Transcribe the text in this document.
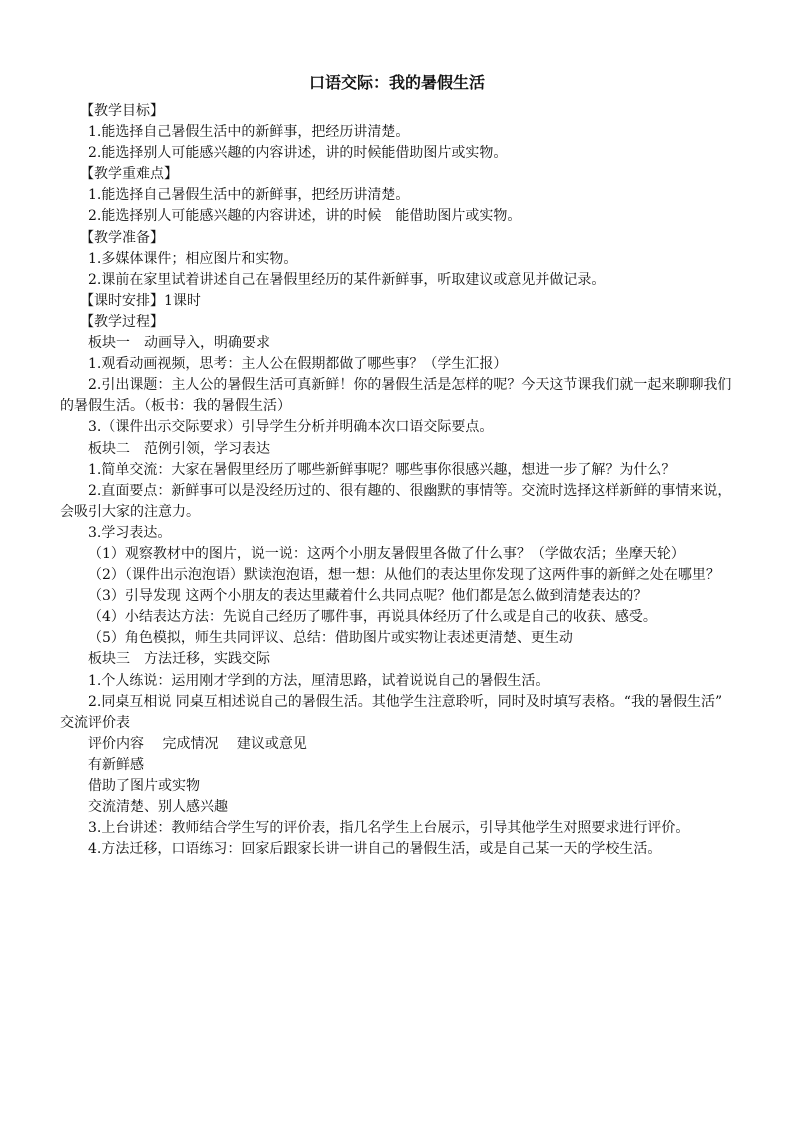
口语交际：我的暑假生活

【教学目标】

1.能选择自己暑假生活中的新鲜事，把经历讲清楚。

2.能选择别人可能感兴趣的内容讲述，讲的时候能借助图片或实物。

【教学重难点】

1.能选择自己暑假生活中的新鲜事，把经历讲清楚。

2.能选择别人可能感兴趣的内容讲述，讲的时候　能借助图片或实物。

【教学准备】

1.多媒体课件；相应图片和实物。

2.课前在家里试着讲述自己在暑假里经历的某件新鲜事，听取建议或意见并做记录。

【课时安排】1课时

【教学过程】

板块一　动画导入，明确要求

1.观看动画视频，思考：主人公在假期都做了哪些事？（学生汇报）

2.引出课题：主人公的暑假生活可真新鲜！你的暑假生活是怎样的呢？今天这节课我们就一起来聊聊我们的暑假生活。（板书：我的暑假生活）

3.（课件出示交际要求）引导学生分析并明确本次口语交际要点。

板块二　范例引领，学习表达

1.简单交流：大家在暑假里经历了哪些新鲜事呢？哪些事你很感兴趣，想进一步了解？为什么？

2.直面要点：新鲜事可以是没经历过的、很有趣的、很幽默的事情等。交流时选择这样新鲜的事情来说，会吸引大家的注意力。

3.学习表达。

（1）观察教材中的图片，说一说：这两个小朋友暑假里各做了什么事？（学做农活；坐摩天轮）

（2）（课件出示泡泡语）默读泡泡语，想一想：从他们的表达里你发现了这两件事的新鲜之处在哪里？

（3）引导发现 这两个小朋友的表达里藏着什么共同点呢？他们都是怎么做到清楚表达的？

（4）小结表达方法：先说自己经历了哪件事，再说具体经历了什么或是自己的收获、感受。

（5）角色模拟，师生共同评议、总结：借助图片或实物让表述更清楚、更生动

板块三　方法迁移，实践交际

1.个人练说：运用刚才学到的方法，厘清思路，试着说说自己的暑假生活。

2.同桌互相说 同桌互相述说自己的暑假生活。其他学生注意聆听，同时及时填写表格。“我的暑假生活” 交流评价表

评价内容　 完成情况　 建议或意见

有新鲜感

借助了图片或实物

交流清楚、别人感兴趣

3.上台讲述：教师结合学生写的评价表，指几名学生上台展示，引导其他学生对照要求进行评价。

4.方法迁移，口语练习：回家后跟家长讲一讲自己的暑假生活，或是自己某一天的学校生活。
